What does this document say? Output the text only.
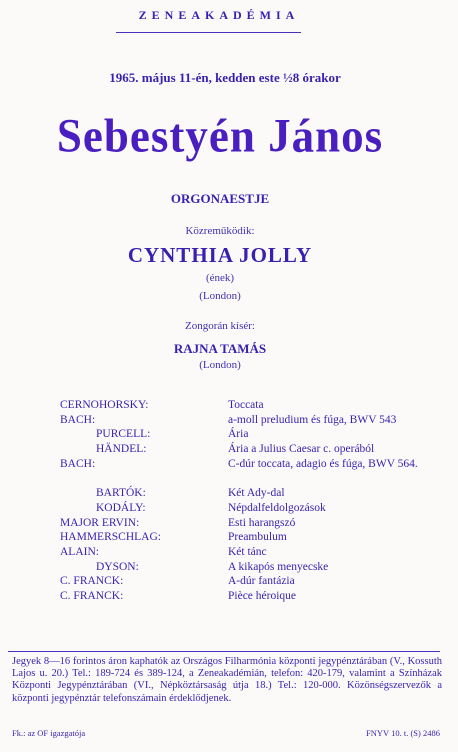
ZENEAKADÉMIA
1965. május 11-én, kedden este ½8 órakor
Sebestyén János
ORGONAESTJE
Közreműködik:
CYNTHIA JOLLY
(ének)
(London)
Zongorán kísér:
RAJNA TAMÁS
(London)
CERNOHORSKY:	Toccata
BACH:	a-moll preludium és fúga, BWV 543
PURCELL:	Ária
HÄNDEL:	Ária a Julius Caesar c. operából
BACH:	C-dúr toccata, adagio és fúga, BWV 564.
BARTÓK:	Két Ady-dal
KODÁLY:	Népdalfeldolgozások
MAJOR ERVIN:	Esti harangszó
HAMMERSCHLAG:	Preambulum
ALAIN:	Két tánc
DYSON:	A kikapós menyecske
C. FRANCK:	A-dúr fantázia
C. FRANCK:	Pièce héroique
Jegyek 8—16 forintos áron kaphatók az Országos Filharmónia központi jegypénztárában (V., Kossuth Lajos u. 20.) Tel.: 189-724 és 389-124, a Zeneakadémián, telefon: 420-179, valamint a Színházak Központi Jegypénztárában (VI., Népköztársaság útja 18.) Tel.: 120-000. Közönségszervezők a központi jegypénztár telefonszámain érdeklődjenek.
Fk.: az OF igazgatója	FNYV 10. t. (S) 2486
